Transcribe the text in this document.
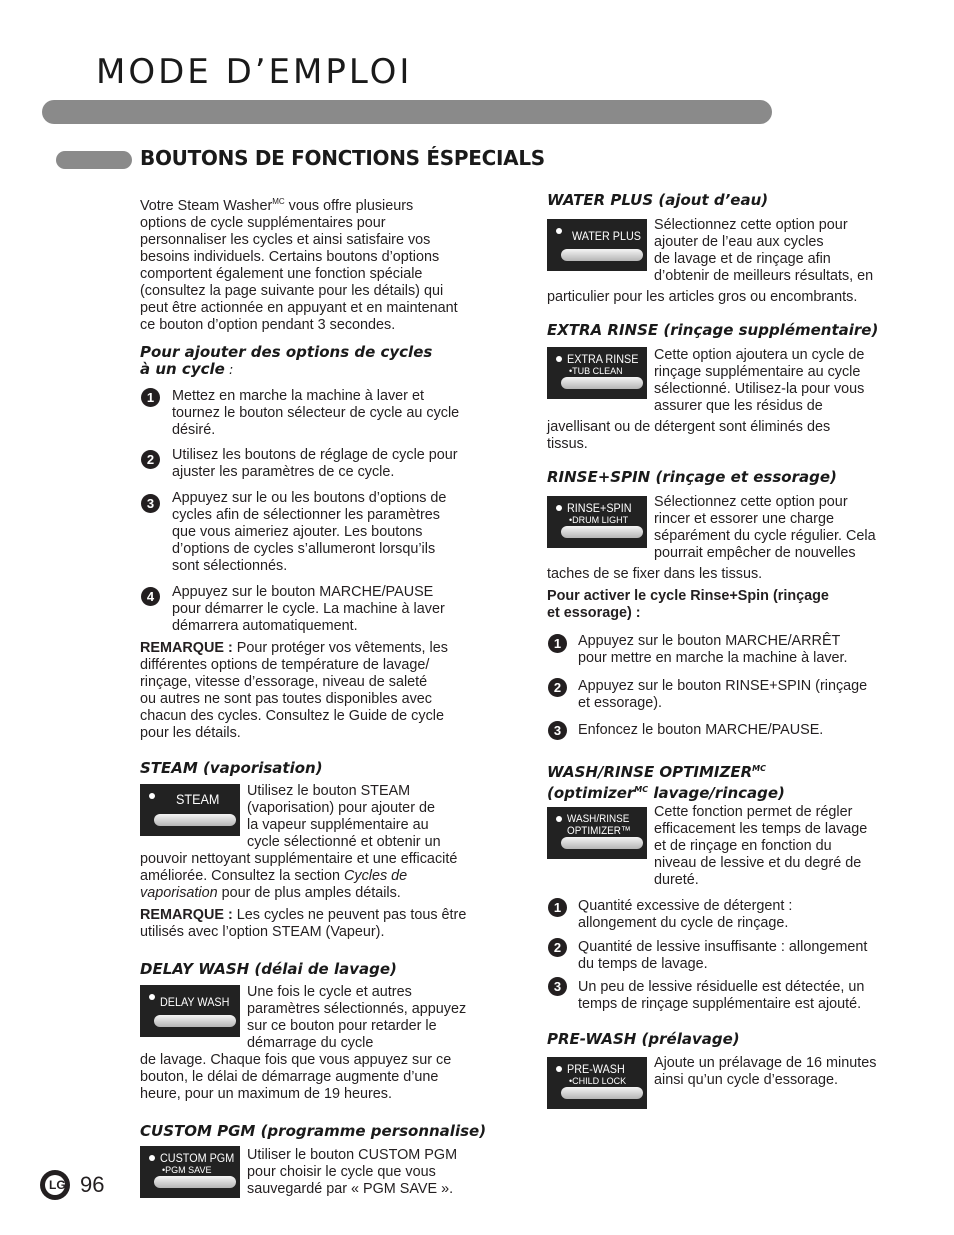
MODE D’EMPLOI
BOUTONS DE FONCTIONS ÉSPECIALS
Votre Steam Washer$^{MC}$ vous offre plusieurs
options de cycle supplémentaires pour
personnaliser les cycles et ainsi satisfaire vos
besoins individuels. Certains boutons d’options
comportent également une fonction spéciale
(consultez la page suivante pour les détails) qui
peut être actionnée en appuyant et en maintenant
ce bouton d’option pendant 3 secondes.
Pour ajouter des options de cycles
à un cycle :
1	Mettez en marche la machine à laver et
tournez le bouton sélecteur de cycle au cycle
désiré.
2	Utilisez les boutons de réglage de cycle pour
ajuster les paramètres de ce cycle.
3	Appuyez sur le ou les boutons d’options de
cycles afin de sélectionner les paramètres
que vous aimeriez ajouter. Les boutons
d’options de cycles s’allumeront lorsqu’ils
sont sélectionnés.
4	Appuyez sur le bouton MARCHE/PAUSE
pour démarrer le cycle. La machine à laver
démarrera automatiquement.
REMARQUE : Pour protéger vos vêtements, les
différentes options de température de lavage/
rinçage, vitesse d’essorage, niveau de saleté
ou autres ne sont pas toutes disponibles avec
chacun des cycles. Consultez le Guide de cycle
pour les détails.
STEAM (vaporisation)
STEAM Utilisez le bouton STEAM
(vaporisation) pour ajouter de
la vapeur supplémentaire au
cycle sélectionné et obtenir un
pouvoir nettoyant supplémentaire et une efficacité
améliorée. Consultez la section Cycles de
vaporisation pour de plus amples détails.
REMARQUE : Les cycles ne peuvent pas tous être
utilisés avec l’option STEAM (Vapeur).
DELAY WASH (délai de lavage)
DELAY WASH
Une fois le cycle et autres
paramètres sélectionnés, appuyez
sur ce bouton pour retarder le
démarrage du cycle
de lavage. Chaque fois que vous appuyez sur ce
bouton, le délai de démarrage augmente d’une
heure, pour un maximum de 19 heures.
CUSTOM PGM (programme personnalise)
CUSTOM PGM
•PGM SAVE
Utiliser le bouton CUSTOM PGM
pour choisir le cycle que vous
sauvegardé par « PGM SAVE ».
WATER PLUS (ajout d’eau)
WATER PLUS
Sélectionnez cette option pour
ajouter de l’eau aux cycles
de lavage et de rinçage afin
d’obtenir de meilleurs résultats, en
particulier pour les articles gros ou encombrants.
EXTRA RINSE (rinçage supplémentaire)
EXTRA RINSE
•TUB CLEAN
Cette option ajoutera un cycle de
rinçage supplémentaire au cycle
sélectionné. Utilisez-la pour vous
assurer que les résidus de
javellisant ou de détergent sont éliminés des
tissus.
RINSE+SPIN (rinçage et essorage)
RINSE+SPIN
•DRUM LIGHT
Sélectionnez cette option pour
rincer et essorer une charge
séparément du cycle régulier. Cela
pourrait empêcher de nouvelles
taches de se fixer dans les tissus.
Pour activer le cycle Rinse+Spin (rinçage
et essorage) :
1	Appuyez sur le bouton MARCHE/ARRÊT
pour mettre en marche la machine à laver.
2	Appuyez sur le bouton RINSE+SPIN (rinçage
et essorage).
3	Enfoncez le bouton MARCHE/PAUSE.
WASH/RINSE $OPTIMIZER^{MC}$
(optimizer$^{MC}$ lavage/rincage)
WASH/RINSE
OPTIMIZER™
Cette fonction permet de régler
efficacement les temps de lavage
et de rinçage en fonction du
niveau de lessive et du degré de
dureté.
1	Quantité excessive de détergent :
allongement du cycle de rinçage.
2	Quantité de lessive insuffisante : allongement
du temps de lavage.
3	Un peu de lessive résiduelle est détectée, un
temps de rinçage supplémentaire est ajouté.
PRE-WASH (prélavage)
PRE-WASH
•CHILD LOCK
Ajoute un prélavage de 16 minutes
ainsi qu’un cycle d’essorage.
LG 96
